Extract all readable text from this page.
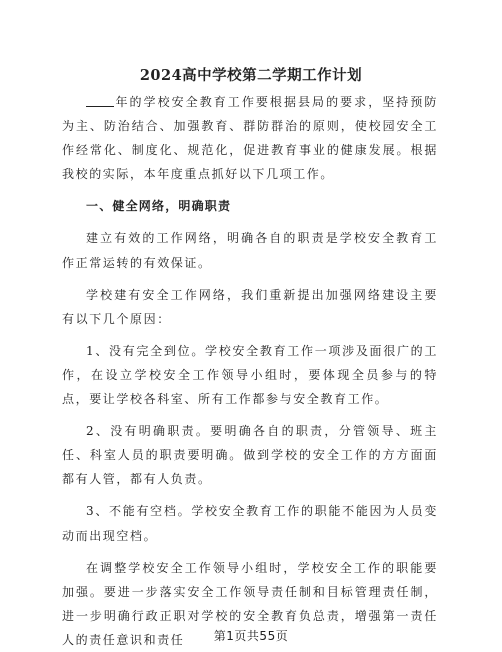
2024高中学校第二学期工作计划

年的学校安全教育工作要根据县局的要求，坚持预防为主、防治结合、加强教育、群防群治的原则，使校园安全工作经常化、制度化、规范化，促进教育事业的健康发展。根据我校的实际，本年度重点抓好以下几项工作。

一、健全网络，明确职责

建立有效的工作网络，明确各自的职责是学校安全教育工作正常运转的有效保证。

学校建有安全工作网络，我们重新提出加强网络建设主要有以下几个原因：

1、没有完全到位。学校安全教育工作一项涉及面很广的工作，在设立学校安全工作领导小组时，要体现全员参与的特点，要让学校各科室、所有工作都参与安全教育工作。

2、没有明确职责。要明确各自的职责，分管领导、班主任、科室人员的职责要明确。做到学校的安全工作的方方面面都有人管，都有人负责。

3、不能有空档。学校安全教育工作的职能不能因为人员变动而出现空档。

在调整学校安全工作领导小组时，学校安全工作的职能要加强。要进一步落实安全工作领导责任制和目标管理责任制，进一步明确行政正职对学校的安全教育负总责，增强第一责任人的责任意识和责任	第1页共55页
